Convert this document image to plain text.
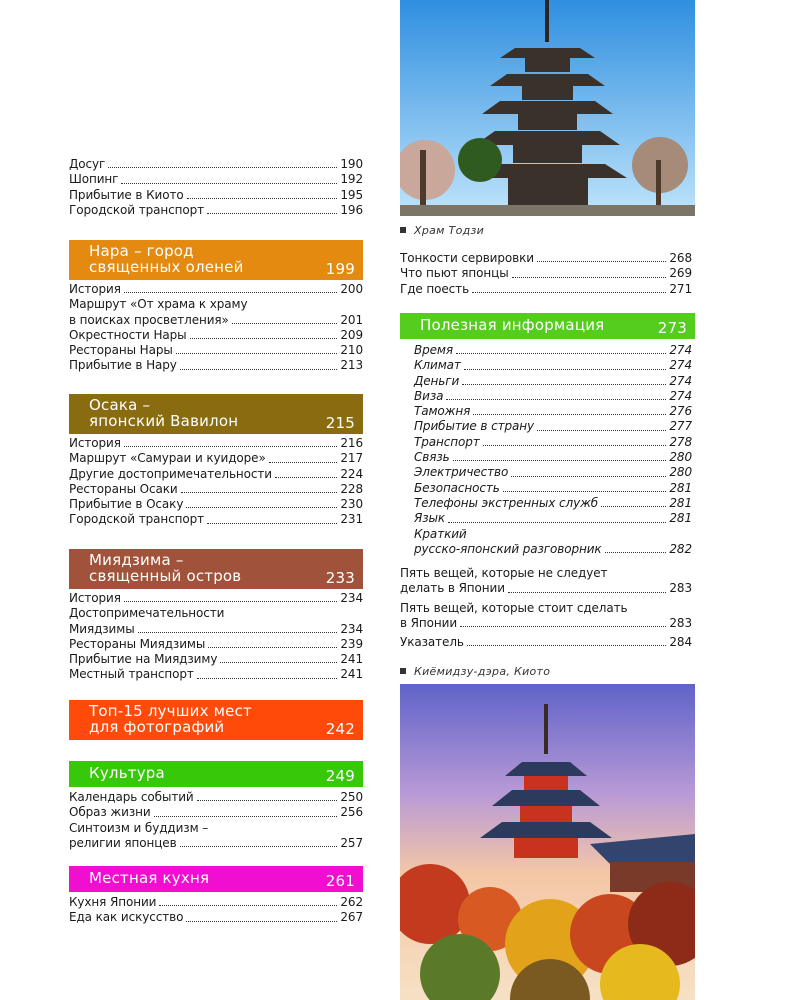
Досуг	190
Шопинг	192
Прибытие в Киото	195
Городской транспорт	196
Нара – город
священных оленей	199
История	200
Маршрут «От храма к храму
в поисках просветления»	201
Окрестности Нары	209
Рестораны Нары	210
Прибытие в Нару	213
Осака –
японский Вавилон	215
История	216
Маршрут «Самураи и куидоре»	217
Другие достопримечательности	224
Рестораны Осаки	228
Прибытие в Осаку	230
Городской транспорт	231
Миядзима –
священный остров	233
История	234
Достопримечательности
Миядзимы	234
Рестораны Миядзимы	239
Прибытие на Миядзиму	241
Местный транспорт	241
Топ-15 лучших мест
для фотографий	242
Культура	249
Календарь событий	250
Образ жизни	256
Синтоизм и буддизм –
религии японцев	257
Местная кухня	261
Кухня Японии	262
Еда как искусство	267
Храм Тодзи
Тонкости сервировки	268
Что пьют японцы	269
Где поесть	271
Полезная информация	273
Время	274
Климат	274
Деньги	274
Виза	274
Таможня	276
Прибытие в страну	277
Транспорт	278
Связь	280
Электричество	280
Безопасность	281
Телефоны экстренных служб	281
Язык	281
Краткий
русско-японский разговорник	282
Пять вещей, которые не следует
делать в Японии	283
Пять вещей, которые стоит сделать
в Японии	283
Указатель	284
Киёмидзу-дэра, Киото
